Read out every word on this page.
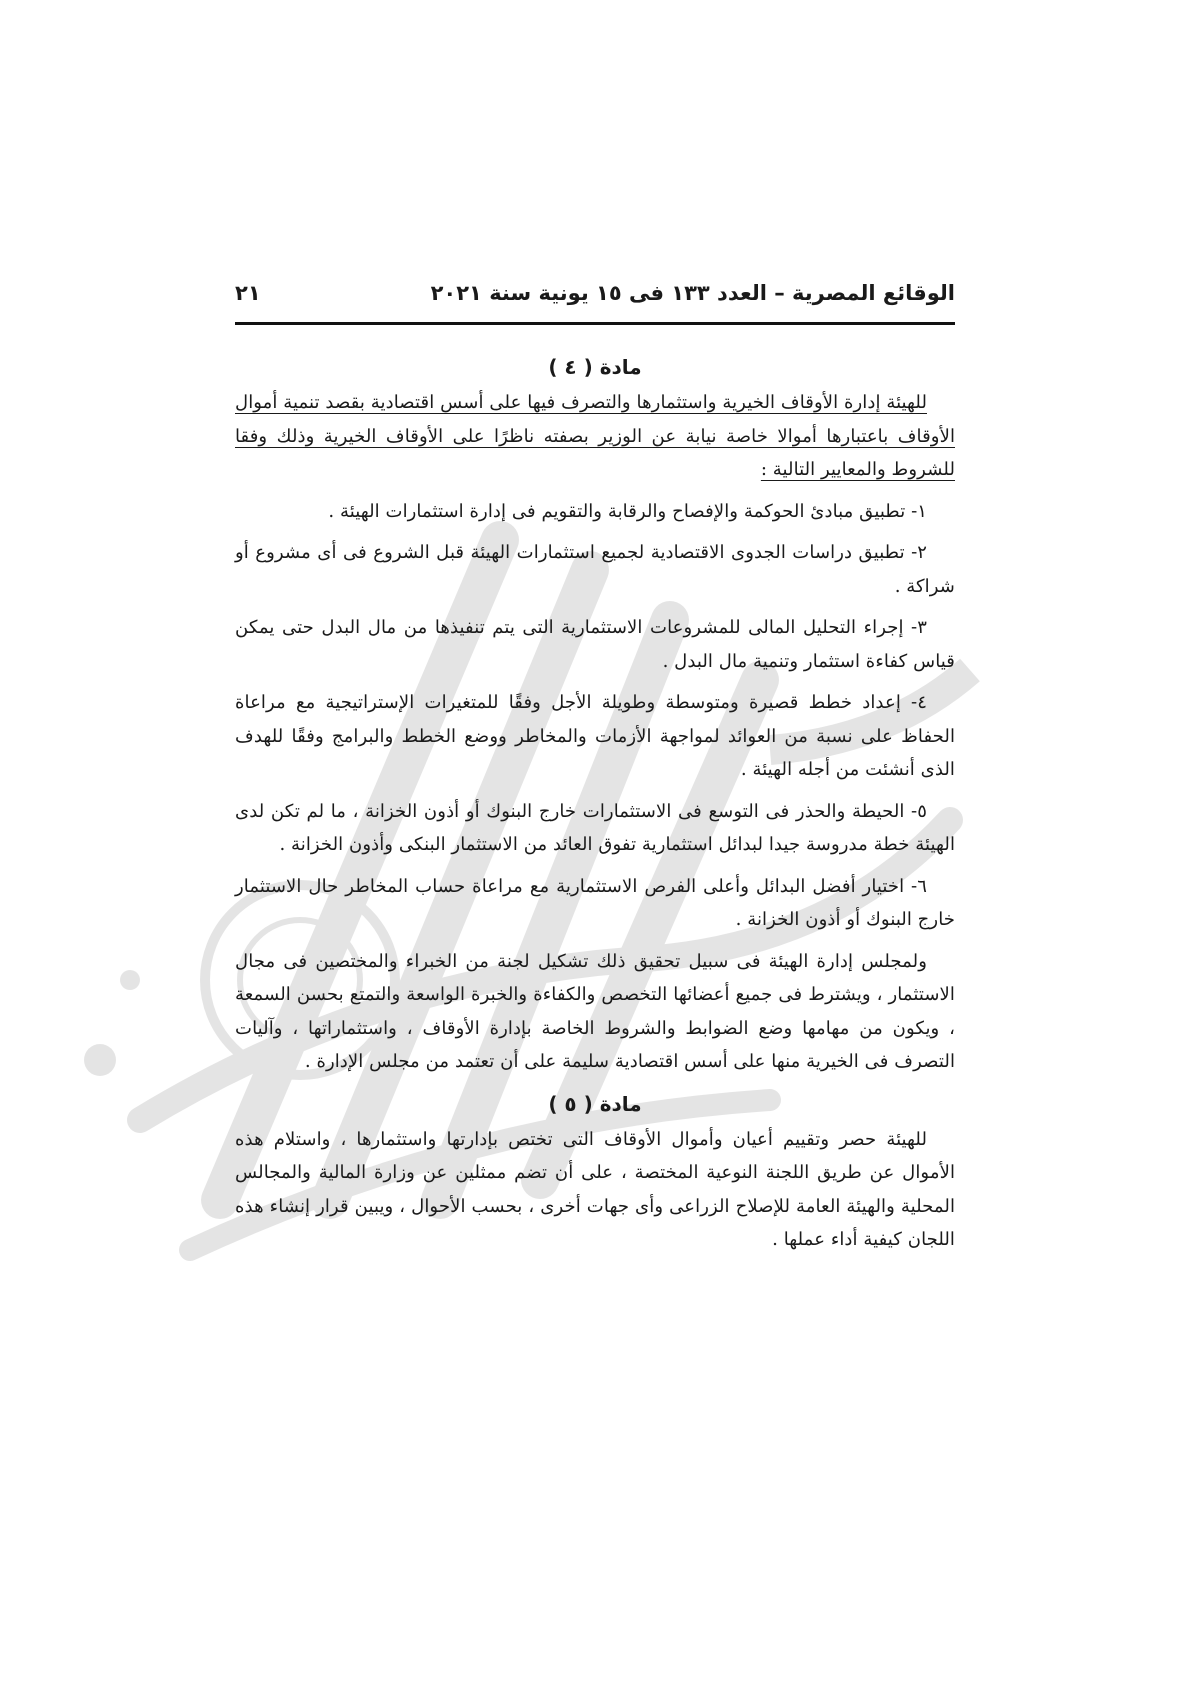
الوقائع المصرية – العدد ١٣٣ فى ١٥ يونية سنة ٢٠٢١
٢١
مادة ( ٤ )

للهيئة إدارة الأوقاف الخيرية واستثمارها والتصرف فيها على أسس اقتصادية بقصد تنمية أموال الأوقاف باعتبارها أموالا خاصة نيابة عن الوزير بصفته ناظرًا على الأوقاف الخيرية وذلك وفقا للشروط والمعايير التالية :

١- تطبيق مبادئ الحوكمة والإفصاح والرقابة والتقويم فى إدارة استثمارات الهيئة .

٢- تطبيق دراسات الجدوى الاقتصادية لجميع استثمارات الهيئة قبل الشروع فى أى مشروع أو شراكة .

٣- إجراء التحليل المالى للمشروعات الاستثمارية التى يتم تنفيذها من مال البدل حتى يمكن قياس كفاءة استثمار وتنمية مال البدل .

٤- إعداد خطط قصيرة ومتوسطة وطويلة الأجل وفقًا للمتغيرات الإستراتيجية مع مراعاة الحفاظ على نسبة من العوائد لمواجهة الأزمات والمخاطر ووضع الخطط والبرامج وفقًا للهدف الذى أنشئت من أجله الهيئة .

٥- الحيطة والحذر فى التوسع فى الاستثمارات خارج البنوك أو أذون الخزانة ، ما لم تكن لدى الهيئة خطة مدروسة جيدا لبدائل استثمارية تفوق العائد من الاستثمار البنكى وأذون الخزانة .

٦- اختيار أفضل البدائل وأعلى الفرص الاستثمارية مع مراعاة حساب المخاطر حال الاستثمار خارج البنوك أو أذون الخزانة .

ولمجلس إدارة الهيئة فى سبيل تحقيق ذلك تشكيل لجنة من الخبراء والمختصين فى مجال الاستثمار ، ويشترط فى جميع أعضائها التخصص والكفاءة والخبرة الواسعة والتمتع بحسن السمعة ، ويكون من مهامها وضع الضوابط والشروط الخاصة بإدارة الأوقاف ، واستثماراتها ، وآليات التصرف فى الخيرية منها على أسس اقتصادية سليمة على أن تعتمد من مجلس الإدارة .

مادة ( ٥ )

للهيئة حصر وتقييم أعيان وأموال الأوقاف التى تختص بإدارتها واستثمارها ، واستلام هذه الأموال عن طريق اللجنة النوعية المختصة ، على أن تضم ممثلين عن وزارة المالية والمجالس المحلية والهيئة العامة للإصلاح الزراعى وأى جهات أخرى ، بحسب الأحوال ، ويبين قرار إنشاء هذه اللجان كيفية أداء عملها .
